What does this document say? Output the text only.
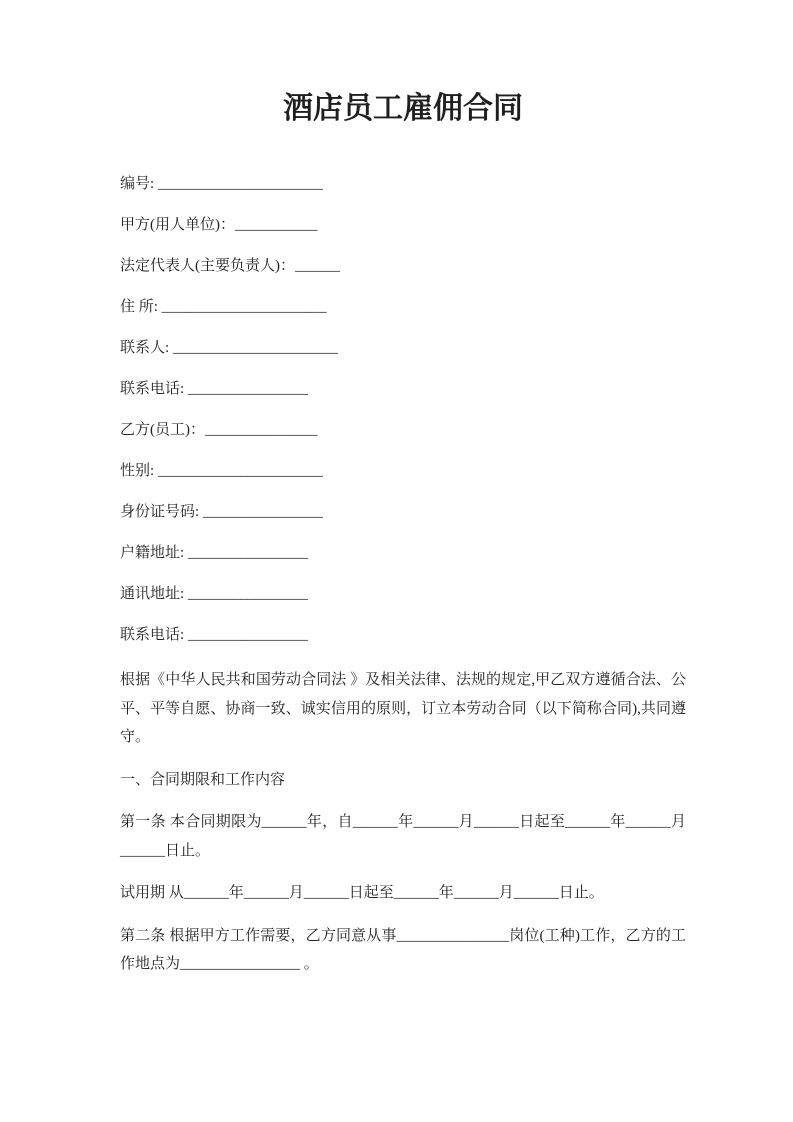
酒店员工雇佣合同
编号: ______________________
甲方(用人单位)：___________
法定代表人(主要负责人)：______
住 所: ______________________
联系人: ______________________
联系电话: ________________
乙方(员工)：_______________
性别: ______________________
身份证号码: ________________
户籍地址: ________________
通讯地址: ________________
联系电话: ________________

根据《中华人民共和国劳动合同法 》及相关法律、法规的规定,甲乙双方遵循合法、公平、平等自愿、协商一致、诚实信用的原则，订立本劳动合同（以下简称合同),共同遵守。

一、合同期限和工作内容

第一条 本合同期限为______年，自______年______月______日起至______年______月______日止。

试用期 从______年______月______日起至______年______月______日止。

第二条 根据甲方工作需要，乙方同意从事_______________岗位(工种)工作，乙方的工作地点为________________ 。
